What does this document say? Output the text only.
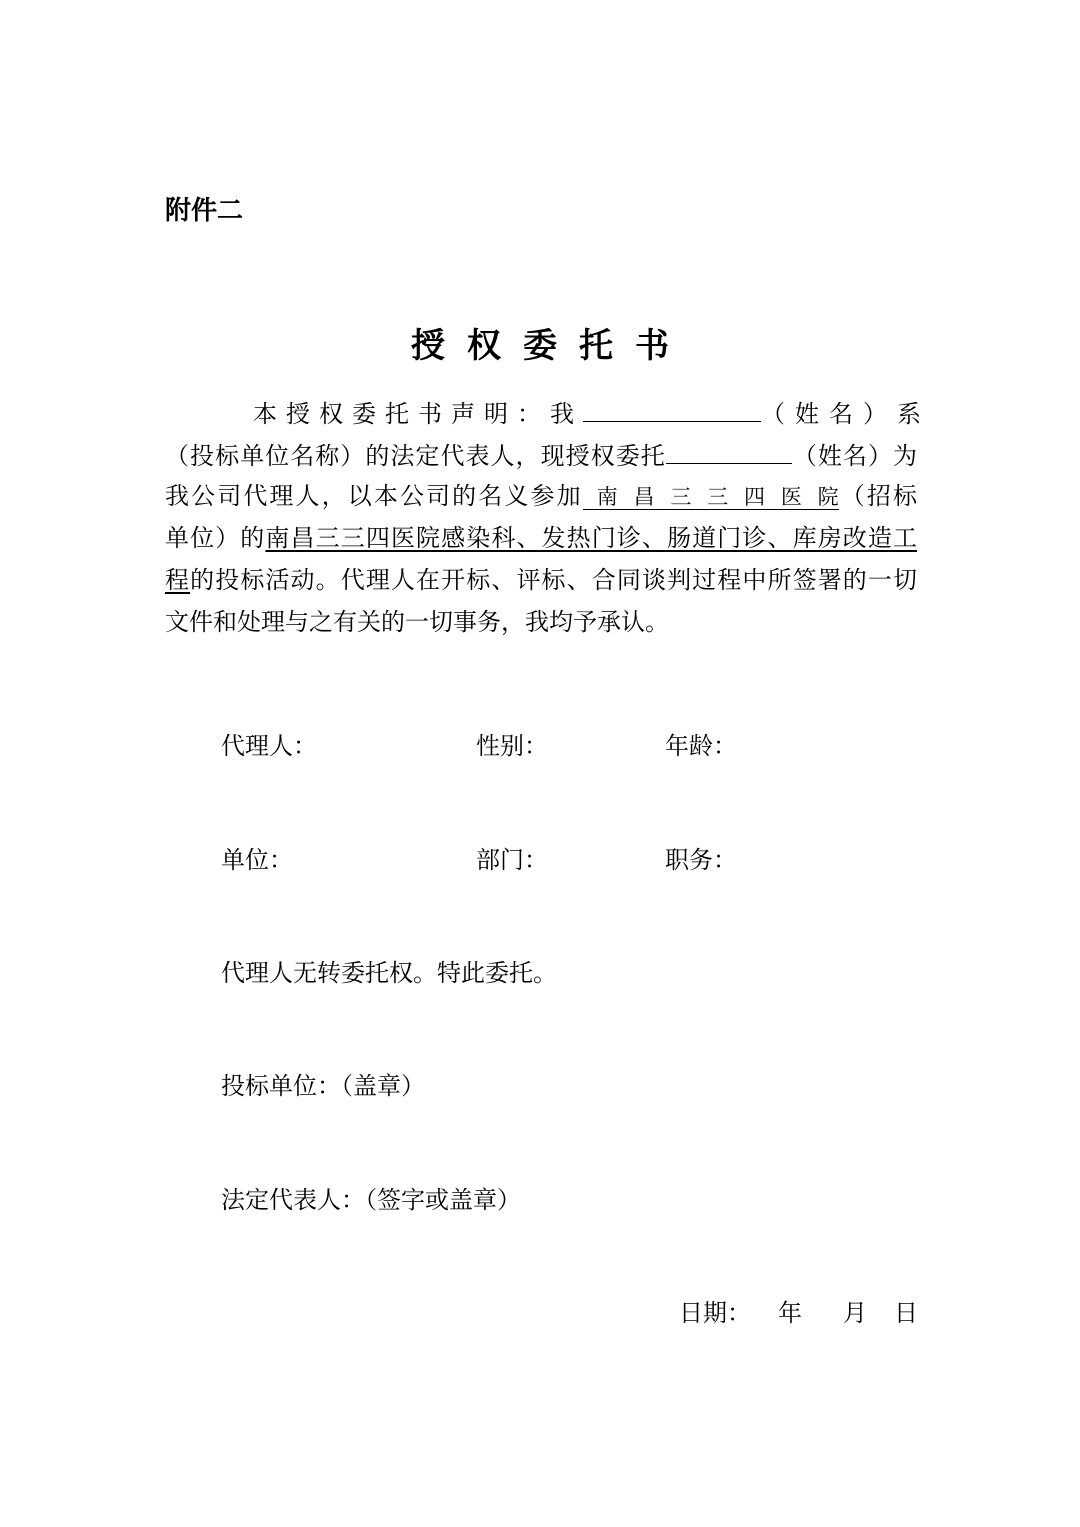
附件二
授权委托书
本授权委托书声明：我	（姓名）系
（投标单位名称）的法定代表人，现授权委托	（姓名）为
我公司代理人，以本公司的名义参加 南昌三三四医院（招标
单位）的南昌三三四医院感染科、发热门诊、肠道门诊、库房改造工
程的投标活动。代理人在开标、评标、合同谈判过程中所签署的一切
文件和处理与之有关的一切事务，我均予承认。
代理人：	性别：	年龄：
单位：	部门：	职务：
代理人无转委托权。特此委托。
投标单位：（盖章）
法定代表人：（签字或盖章）
日期： 年 月 日
